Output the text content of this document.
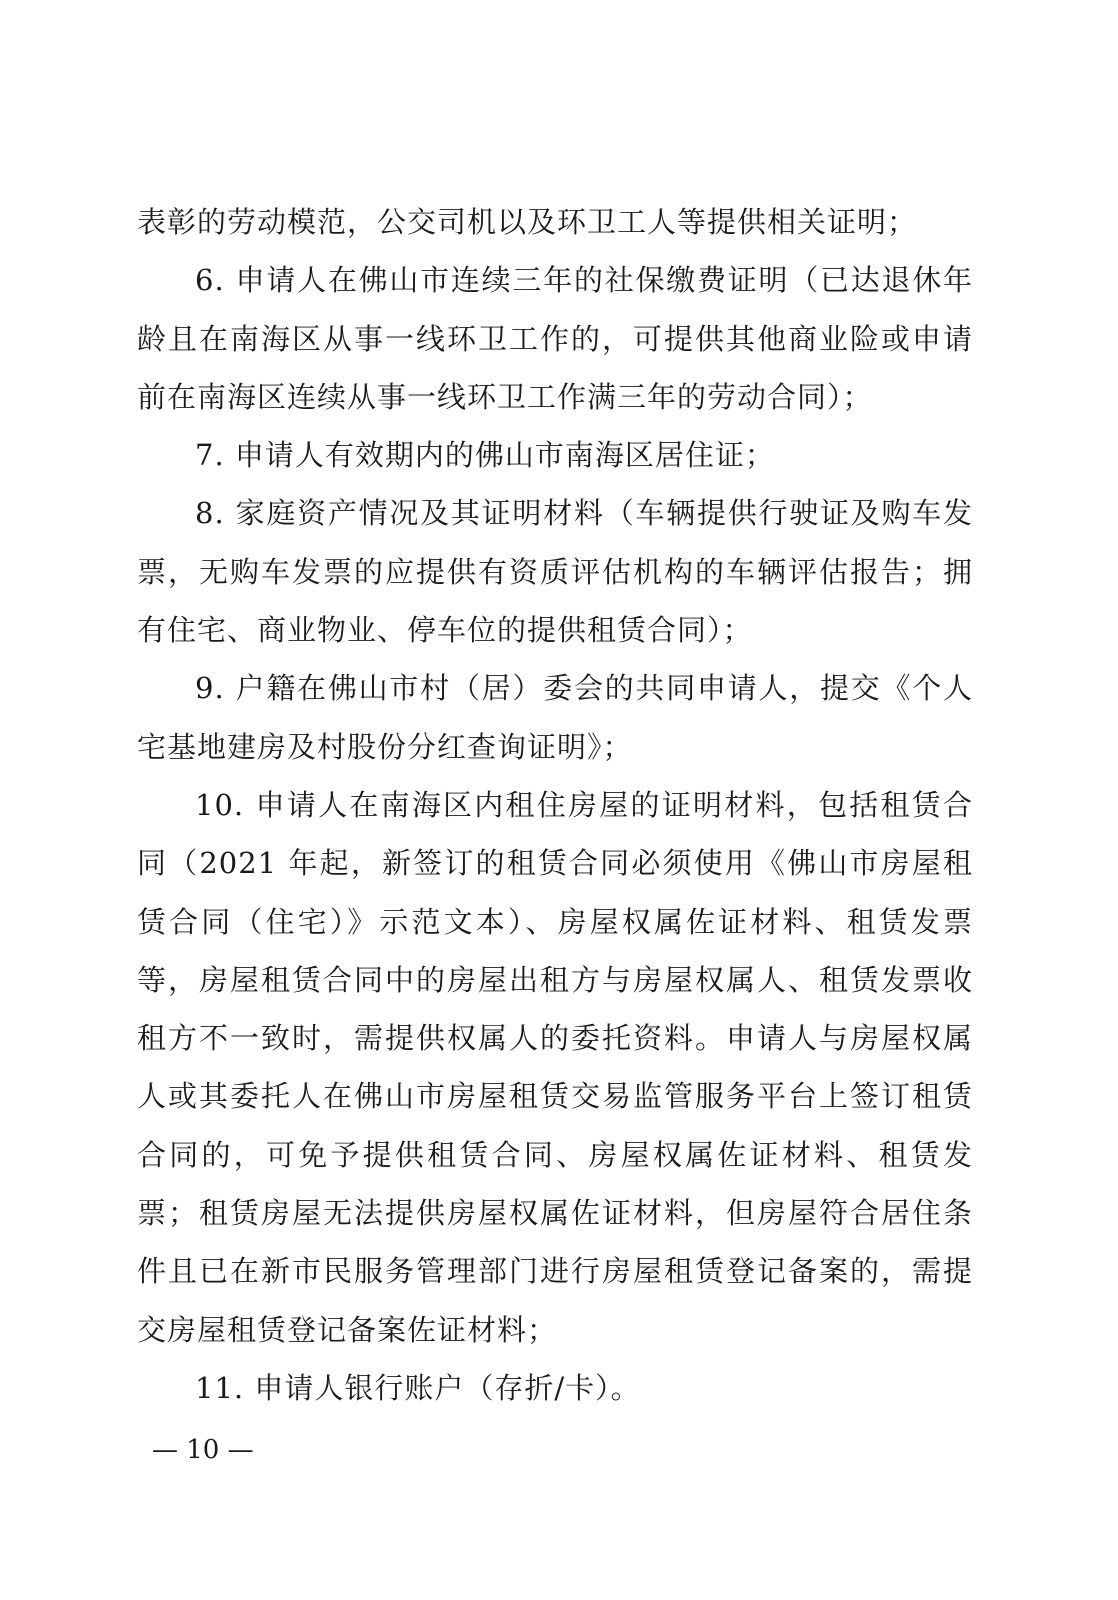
表彰的劳动模范，公交司机以及环卫工人等提供相关证明；

6. 申请人在佛山市连续三年的社保缴费证明（已达退休年龄且在南海区从事一线环卫工作的，可提供其他商业险或申请前在南海区连续从事一线环卫工作满三年的劳动合同）；

7. 申请人有效期内的佛山市南海区居住证；

8. 家庭资产情况及其证明材料（车辆提供行驶证及购车发票，无购车发票的应提供有资质评估机构的车辆评估报告；拥有住宅、商业物业、停车位的提供租赁合同）；

9. 户籍在佛山市村（居）委会的共同申请人，提交《个人宅基地建房及村股份分红查询证明》；

10. 申请人在南海区内租住房屋的证明材料，包括租赁合同（2021 年起，新签订的租赁合同必须使用《佛山市房屋租赁合同（住宅）》示范文本）、房屋权属佐证材料、租赁发票等，房屋租赁合同中的房屋出租方与房屋权属人、租赁发票收租方不一致时，需提供权属人的委托资料。申请人与房屋权属人或其委托人在佛山市房屋租赁交易监管服务平台上签订租赁合同的，可免予提供租赁合同、房屋权属佐证材料、租赁发票；租赁房屋无法提供房屋权属佐证材料，但房屋符合居住条件且已在新市民服务管理部门进行房屋租赁登记备案的，需提交房屋租赁登记备案佐证材料；

11. 申请人银行账户（存折/卡）。

— 10 —
